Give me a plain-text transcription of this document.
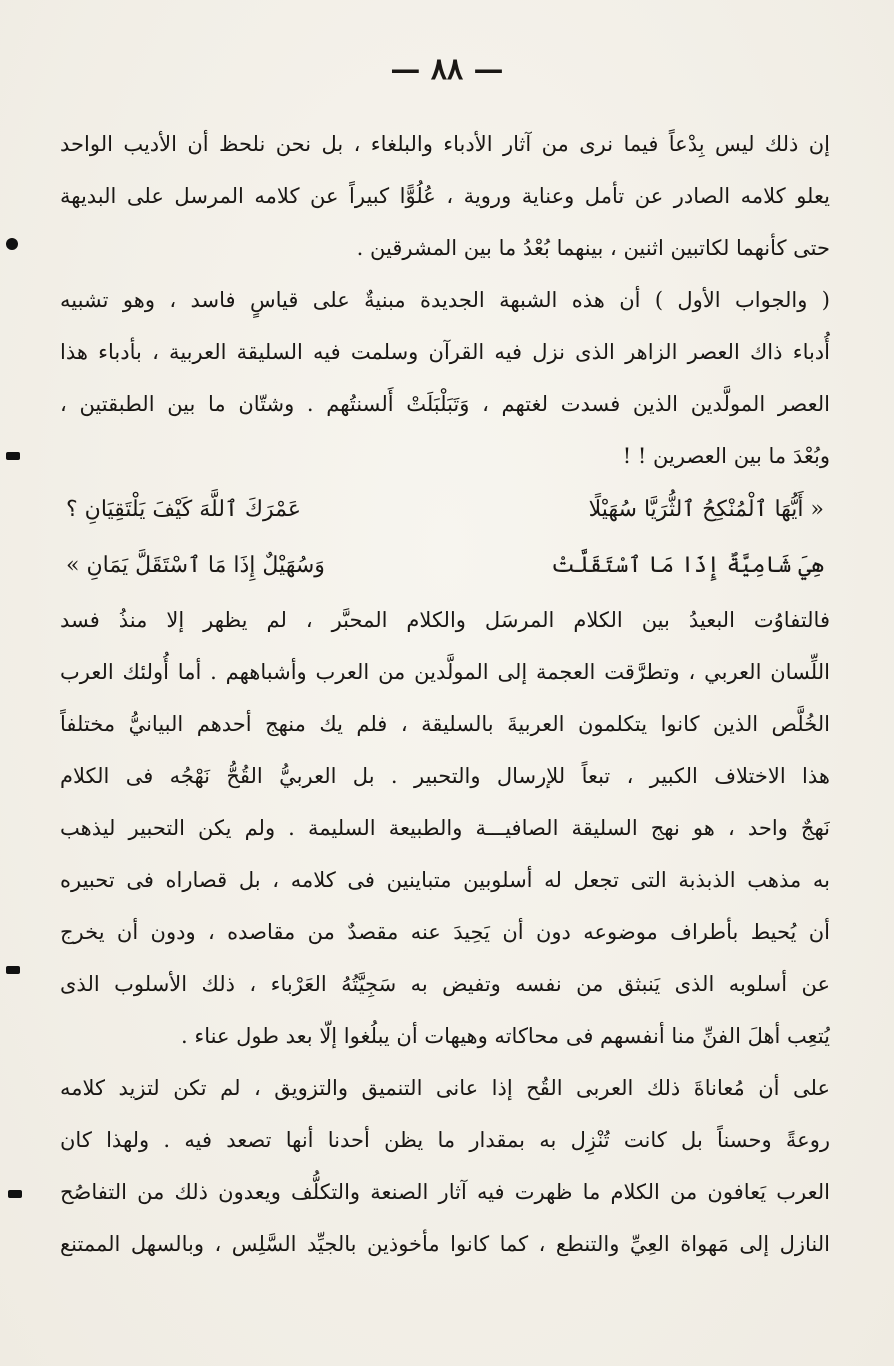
— ٨٨ —
إن ذلك ليس بِدْعاً فيما نرى من آثار الأدباء والبلغاء ، بل نحن نلحظ أن الأديب الواحد
يعلو كلامه الصادر عن تأمل وعناية وروية ، عُلُوًّا كبيراً عن كلامه المرسل على البديهة
حتى كأنهما لكاتبين اثنين ، بينهما بُعْدُ ما بين المشرقين .
( والجواب الأول ) أن هذه الشبهة الجديدة مبنيةٌ على قياسٍ فاسد ، وهو تشبيه
أُدباء ذاك العصر الزاهر الذى نزل فيه القرآن وسلمت فيه السليقة العربية ، بأدباء هذا
العصر المولَّدين الذين فسدت لغتهم ، وَتَبَلْبَلَتْ أَلسنتُهم . وشتّان ما بين الطبقتين ،
وبُعْدَ ما بين العصرين ! !
« أَيُّهَا ٱلْمُنْكِحُ ٱلثُّرَيَّا سُهَيْلًا
عَمْرَكَ ٱللَّهَ كَيْفَ يَلْتَقِيَانِ ؟
هِيَ شَامِيَّةٌ إِذَا مَا ٱسْتَقَلَّتْ
وَسُهَيْلٌ إِذَا مَا ٱسْتَقَلَّ يَمَانِ »
فالتفاوُت البعيدُ بين الكلام المرسَل والكلام المحبَّر ، لم يظهر إلا منذُ فسد
اللِّسان العربي ، وتطرَّقت العجمة إلى المولَّدين من العرب وأشباههم . أما أُولئك العرب
الخُلَّص الذين كانوا يتكلمون العربيةَ بالسليقة ، فلم يك منهج أحدهم البيانيُّ مختلفاً
هذا الاختلاف الكبير ، تبعاً للإرسال والتحبير . بل العربيُّ القُحُّ نَهْجُه فى الكلام
نَهجٌ واحد ، هو نهج السليقة الصافيـــة والطبيعة السليمة . ولم يكن التحبير ليذهب
به مذهب الذبذبة التى تجعل له أسلوبين متباينين فى كلامه ، بل قصاراه فى تحبيره
أن يُحيط بأطراف موضوعه دون أن يَحِيدَ عنه مقصدٌ من مقاصده ، ودون أن يخرج
عن أسلوبه الذى يَنبثق من نفسه وتفيض به سَجِيَّتُهُ العَرْباء ، ذلك الأسلوب الذى
يُتعِب أهلَ الفنِّ منا أنفسهم فى محاكاته وهيهات أن يبلُغوا إلّا بعد طول عناء .
على أن مُعاناةَ ذلك العربى القُح إذا عانى التنميق والتزويق ، لم تكن لتزيد كلامه
روعةً وحسناً بل كانت تُنْزِل به بمقدار ما يظن أحدنا أنها تصعد فيه . ولهذا كان
العرب يَعافون من الكلام ما ظهرت فيه آثار الصنعة والتكلُّف ويعدون ذلك من التفاصُح
النازل إلى مَهواة العِيِّ والتنطع ، كما كانوا مأخوذين بالجيِّد السَّلِس ، وبالسهل الممتنع
